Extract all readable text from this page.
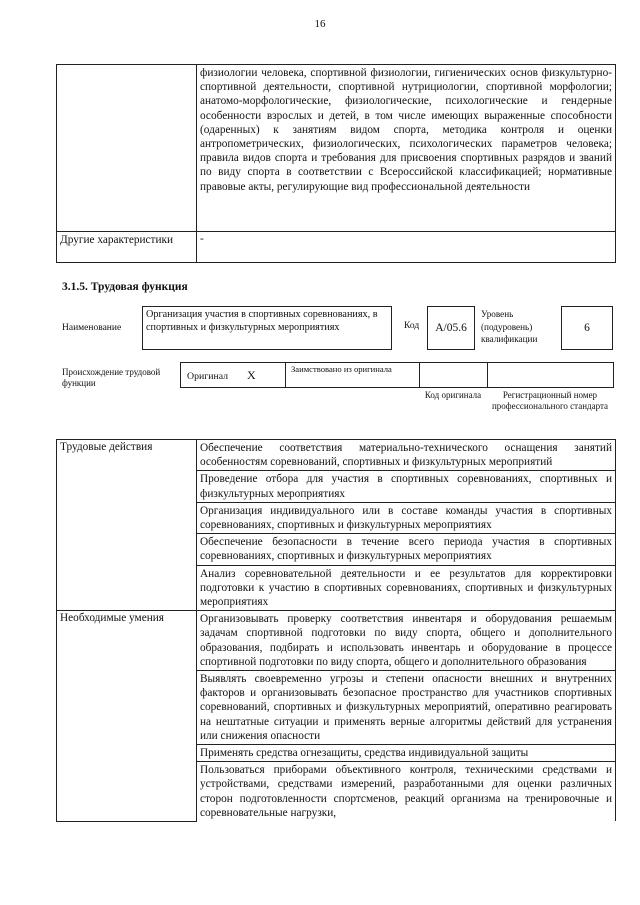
16
	физиологии человека, спортивной физиологии, гигиенических основ физкультурно-спортивной деятельности, спортивной нутрициологии, спортивной морфологии; анатомо-морфологические, физиологические, психологические и гендерные особенности взрослых и детей, в том числе имеющих выраженные способности (одаренных) к занятиям видом спорта, методика контроля и оценки антропометрических, физиологических, психологических параметров человека; правила видов спорта и требования для присвоения спортивных разрядов и званий по виду спорта в соответствии с Всероссийской классификацией; нормативные правовые акты, регулирующие вид профессиональной деятельности
Другие характеристики	-
3.1.5. Трудовая функция
Наименование
Организация участия в спортивных соревнованиях, в спортивных и физкультурных мероприятиях	Код	А/05.6
Уровень (подуровень) квалификации
6
Происхождение трудовой функции
Оригинал Х	Заимствовано из оригинала
Код оригинала	Регистрационный номер профессионального стандарта
Трудовые действия	Обеспечение соответствия материально-технического оснащения занятий особенностям соревнований, спортивных и физкультурных мероприятий
	Проведение отбора для участия в спортивных соревнованиях, спортивных и физкультурных мероприятиях
	Организация индивидуального или в составе команды участия в спортивных соревнованиях, спортивных и физкультурных мероприятиях
	Обеспечение безопасности в течение всего периода участия в спортивных соревнованиях, спортивных и физкультурных мероприятиях
	Анализ соревновательной деятельности и ее результатов для корректировки подготовки к участию в спортивных соревнованиях, спортивных и физкультурных мероприятиях
Необходимые умения	Организовывать проверку соответствия инвентаря и оборудования решаемым задачам спортивной подготовки по виду спорта, общего и дополнительного образования, подбирать и использовать инвентарь и оборудование в процессе спортивной подготовки по виду спорта, общего и дополнительного образования
	Выявлять своевременно угрозы и степени опасности внешних и внутренних факторов и организовывать безопасное пространство для участников спортивных соревнований, спортивных и физкультурных мероприятий, оперативно реагировать на нештатные ситуации и применять верные алгоритмы действий для устранения или снижения опасности
	Применять средства огнезащиты, средства индивидуальной защиты
	Пользоваться приборами объективного контроля, техническими средствами и устройствами, средствами измерений, разработанными для оценки различных сторон подготовленности спортсменов, реакций организма на тренировочные и соревновательные нагрузки,
